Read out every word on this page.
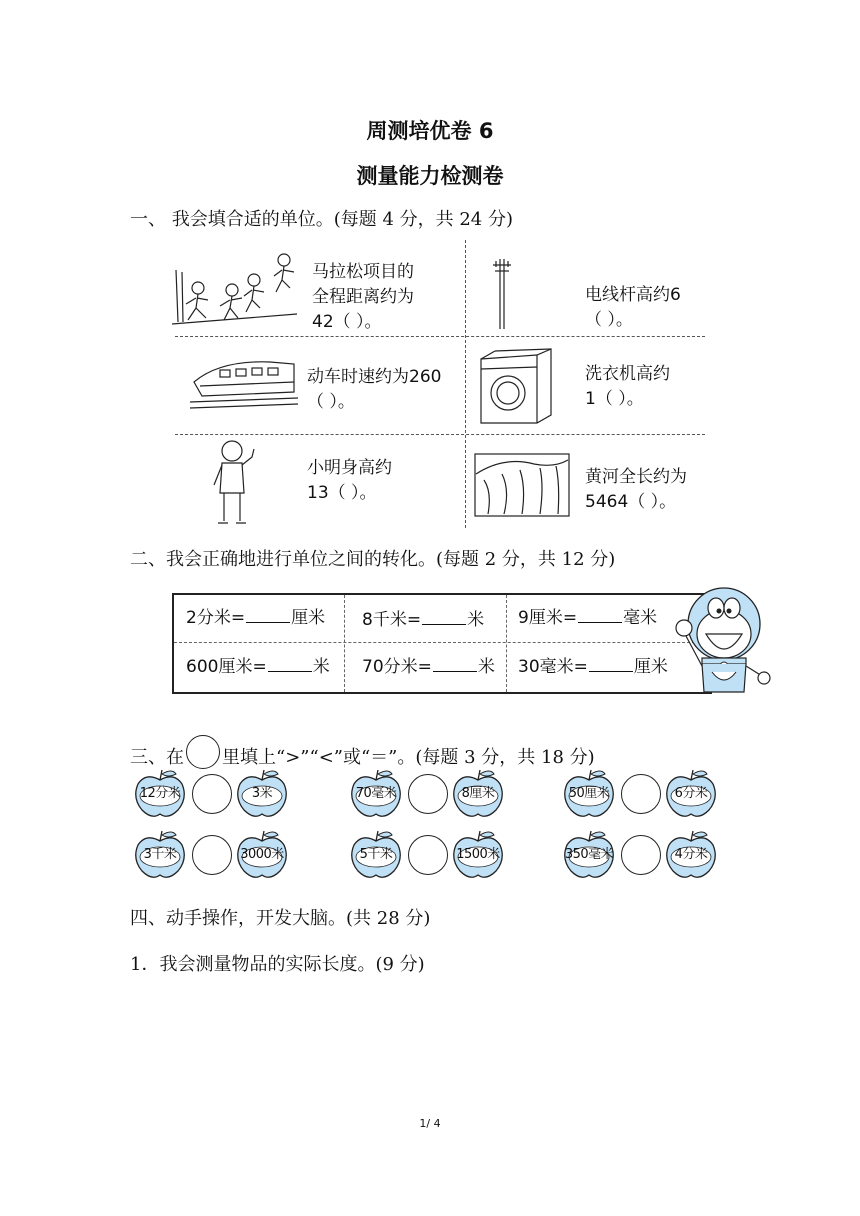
周测培优卷 6
测量能力检测卷
一、 我会填合适的单位。(每题 4 分，共 24 分)
马拉松项目的
全程距离约为
42（ ）。
电线杆高约6
（ ）。
动车时速约为260
（ ）。
洗衣机高约
1（ ）。
小明身高约
13（ ）。
黄河全长约为
5464（ ）。
二、我会正确地进行单位之间的转化。(每题 2 分，共 12 分)
2分米=	厘米 8千米=	米 9厘米=	毫米
600厘米=	米 70分米=	米 30毫米=	厘米
三、在 里填上“>”“<”或“＝”。(每题 3 分，共 18 分)
12分米	3米	70毫米	8厘米	50厘米	6分米
3千米	3000米	5千米	1500米	350毫米	4分米
四、动手操作，开发大脑。(共 28 分)
1．我会测量物品的实际长度。(9 分)
1/ 4
